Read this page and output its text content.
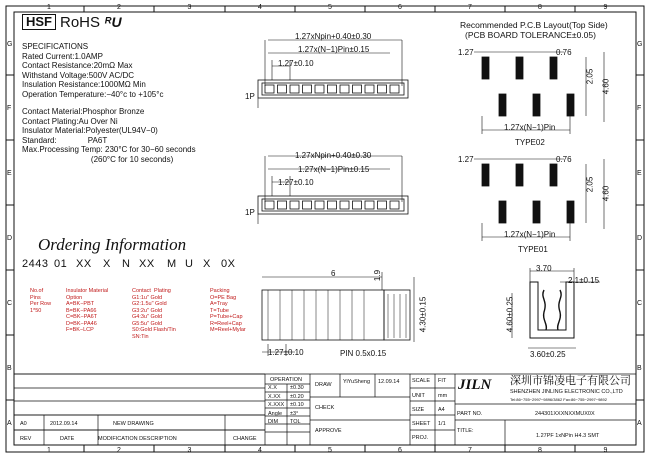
HSF RoHS ᴿU
SPECIFICATIONS
Rated Current:1.0AMP
Contact Resistance:20mΩ Max
Withstand Voltage:500V AC/DC
Insulation Resistance:1000MΩ Min
Operation Temperature:−40°c to +105°c
Contact Material:Phosphor Bronze
Contact Plating:Au Over Ni
Insulator Material:Polyester(UL94V−0)
Standard:              PA6T
Max.Processing Temp: 230°C for 30−60 seconds
(260°C for 10 seconds)
Ordering Information
2443 01 XX X N XX M U X 0X
No.of
Pins
Per Row
1*50
Insulator Material
Option
A=BK−PBT
B=BK−PA66
C=BK−PA6T
D=BK−PA46
F=BK−LCP
Contact  Plating
G1:1u" Gold
G2:1.5u" Gold
G3:2u" Gold
G4:3u" Gold
G5:5u" Gold
S0:Gold Flash/Tin
SN:Tin
Packing
O=PE Bag
A=Tray
T=Tube
P=Tube+Cap
R=Reel+Cap
M=Reel+Mylar
1.27xNpin+0.40±0.30
1.27x(N−1)Pin±0.15
1.27±0.10
1P
1.27xNpin+0.40±0.30
1.27x(N−1)Pin±0.15
1.27±0.10
1P
Recommended P.C.B Layout(Top Side)
(PCB BOARD TOLERANCE±0.05)
1.27	0.76
2.05
4.60
1.27x(N−1)Pin
TYPE02
1.27	0.76
2.05
4.60
1.27x(N−1)Pin
TYPE01
6	1.9
4.30±0.15
1.27±0.10	PIN 0.5x0.15
3.70
2.1±0.15
4.60±0.25
3.60±0.25
OPERATION
X.X ±0.30
X.XX ±0.20
X.XXX ±0.10
Angle ±3°
DIM TOL
DRAW YiYuSheng 12.09.14
CHECK
APPROVE
SCALE FIT
UNIT mm
SIZE	A4
SHEET 1/1
PROJ.
JILN 深圳市锦凌电子有限公司
SHENZHEN JINLING ELECTRONIC CO.,LTD
Tel:86−755−2997−9896/3862 Fax:86−755−2997−9892
PART NO.	244301XXXNXXMUX0X
TITLE:
1.27PF 1xNPin H4.3 SMT
A0	2012.09.14	NEW DRAWING
REV	DATE	MODIFICATION DESCRIPTION	CHANGE
1
1
2
2
3
3
4
4
5
5
6
6
7
7
8
8
9
9
G	G
F	F
E	E
D	D
C	C
B	B
A	A
